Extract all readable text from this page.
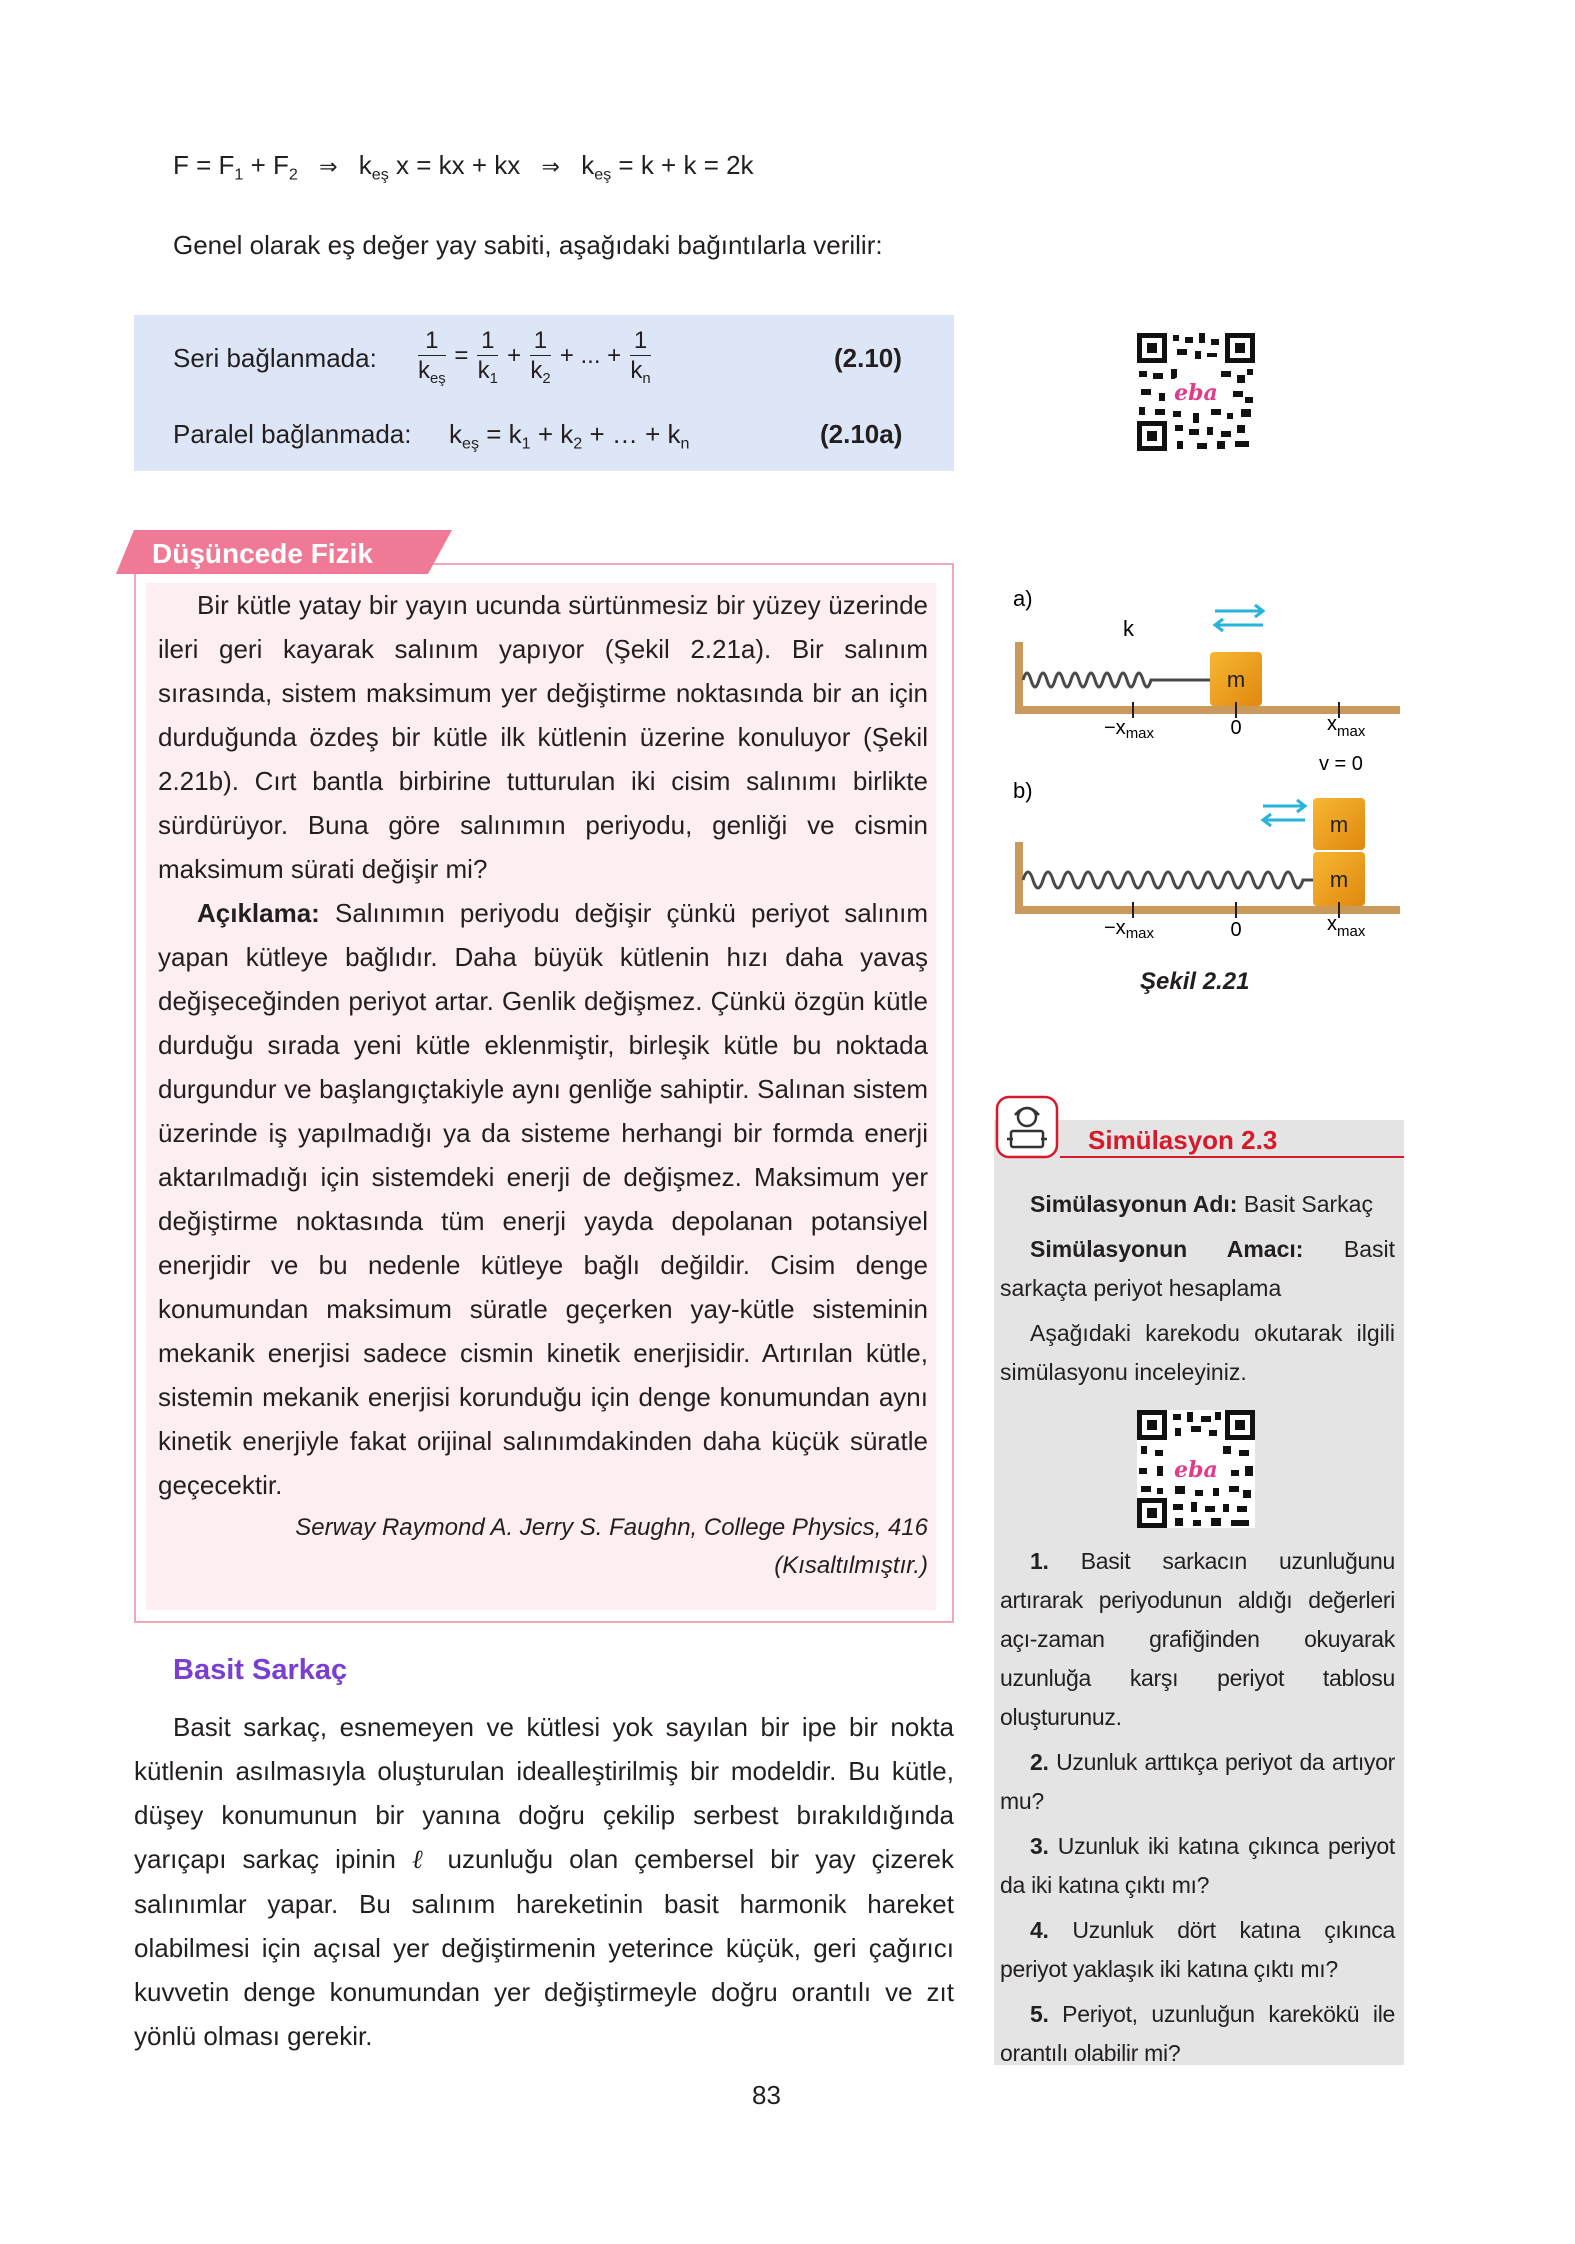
$F = F_1 + F_2$ ⇒ $k_{eş}$ x = kx + kx ⇒ $k_{eş} = k + k = 2k$
Genel olarak eş değer yay sabiti, aşağıdaki bağıntılarla verilir:
Seri bağlanmada: $\frac{1}{k_{eş}} = \frac{1}{k_1} + \frac{1}{k_2}$ + ... + $\frac{1}{k_n}$	(2.10)
Paralel bağlanmada: $k_{eş} = k_1 + k_2$ + … + $k_n$	(2.10a)
eba
Düşüncede Fizik

Bir kütle yatay bir yayın ucunda sürtünmesiz bir yüzey üzerinde ileri geri kayarak salınım yapıyor (Şekil 2.21a). Bir salınım sırasında, sistem maksimum yer değiştirme noktasında bir an için durduğunda özdeş bir kütle ilk kütlenin üzerine konuluyor (Şekil 2.21b). Cırt bantla birbirine tutturulan iki cisim salınımı birlikte sürdürüyor. Buna göre salınımın periyodu, genliği ve cismin maksimum sürati değişir mi?

Açıklama: Salınımın periyodu değişir çünkü periyot salınım yapan kütleye bağlıdır. Daha büyük kütlenin hızı daha yavaş değişeceğinden periyot artar. Genlik değişmez. Çünkü özgün kütle durduğu sırada yeni kütle eklenmiştir, birleşik kütle bu noktada durgundur ve başlangıçtakiyle aynı genliğe sahiptir. Salınan sistem üzerinde iş yapılmadığı ya da sisteme herhangi bir formda enerji aktarılmadığı için sistemdeki enerji de değişmez. Maksimum yer değiştirme noktasında tüm enerji yayda depolanan potansiyel enerjidir ve bu nedenle kütleye bağlı değildir. Cisim denge konumundan maksimum süratle geçerken yay-kütle sisteminin mekanik enerjisi sadece cismin kinetik enerjisidir. Artırılan kütle, sistemin mekanik enerjisi korunduğu için denge konumundan aynı kinetik enerjiyle fakat orijinal salınımdakinden daha küçük süratle geçecektir.

Serway Raymond A. Jerry S. Faughn, College Physics, 416
(Kısaltılmıştır.)

Basit Sarkaç
Basit sarkaç, esnemeyen ve kütlesi yok sayılan bir ipe bir nokta kütlenin asılmasıyla oluşturulan idealleştirilmiş bir modeldir. Bu kütle, düşey konumunun bir yanına doğru çekilip serbest bırakıldığında yarıçapı sarkaç ipinin ℓ uzunluğu olan çembersel bir yay çizerek salınımlar yapar. Bu salınım hareketinin basit harmonik hareket olabilmesi için açısal yer değiştirmenin yeterince küçük, geri çağırıcı kuvvetin denge konumundan yer değiştirmeyle doğru orantılı ve zıt yönlü olması gerekir.
83
a)
k
m
$-x_{max}$	0	$x_{max}$
b)
v = 0
m
m
$-x_{max}$	0	$x_{max}$
Şekil 2.21
Simülasyon 2.3

Simülasyonun Adı: Basit Sarkaç

Simülasyonun Amacı: Basit sarkaçta periyot hesaplama

Aşağıdaki karekodu okutarak ilgili simülasyonu inceleyiniz.

eba

1. Basit sarkacın uzunluğunu artırarak periyodunun aldığı değerleri açı-zaman grafiğinden okuyarak uzunluğa karşı periyot tablosu oluşturunuz.

2. Uzunluk arttıkça periyot da artıyor mu?

3. Uzunluk iki katına çıkınca periyot da iki katına çıktı mı?

4. Uzunluk dört katına çıkınca periyot yaklaşık iki katına çıktı mı?

5. Periyot, uzunluğun karekökü ile orantılı olabilir mi?
